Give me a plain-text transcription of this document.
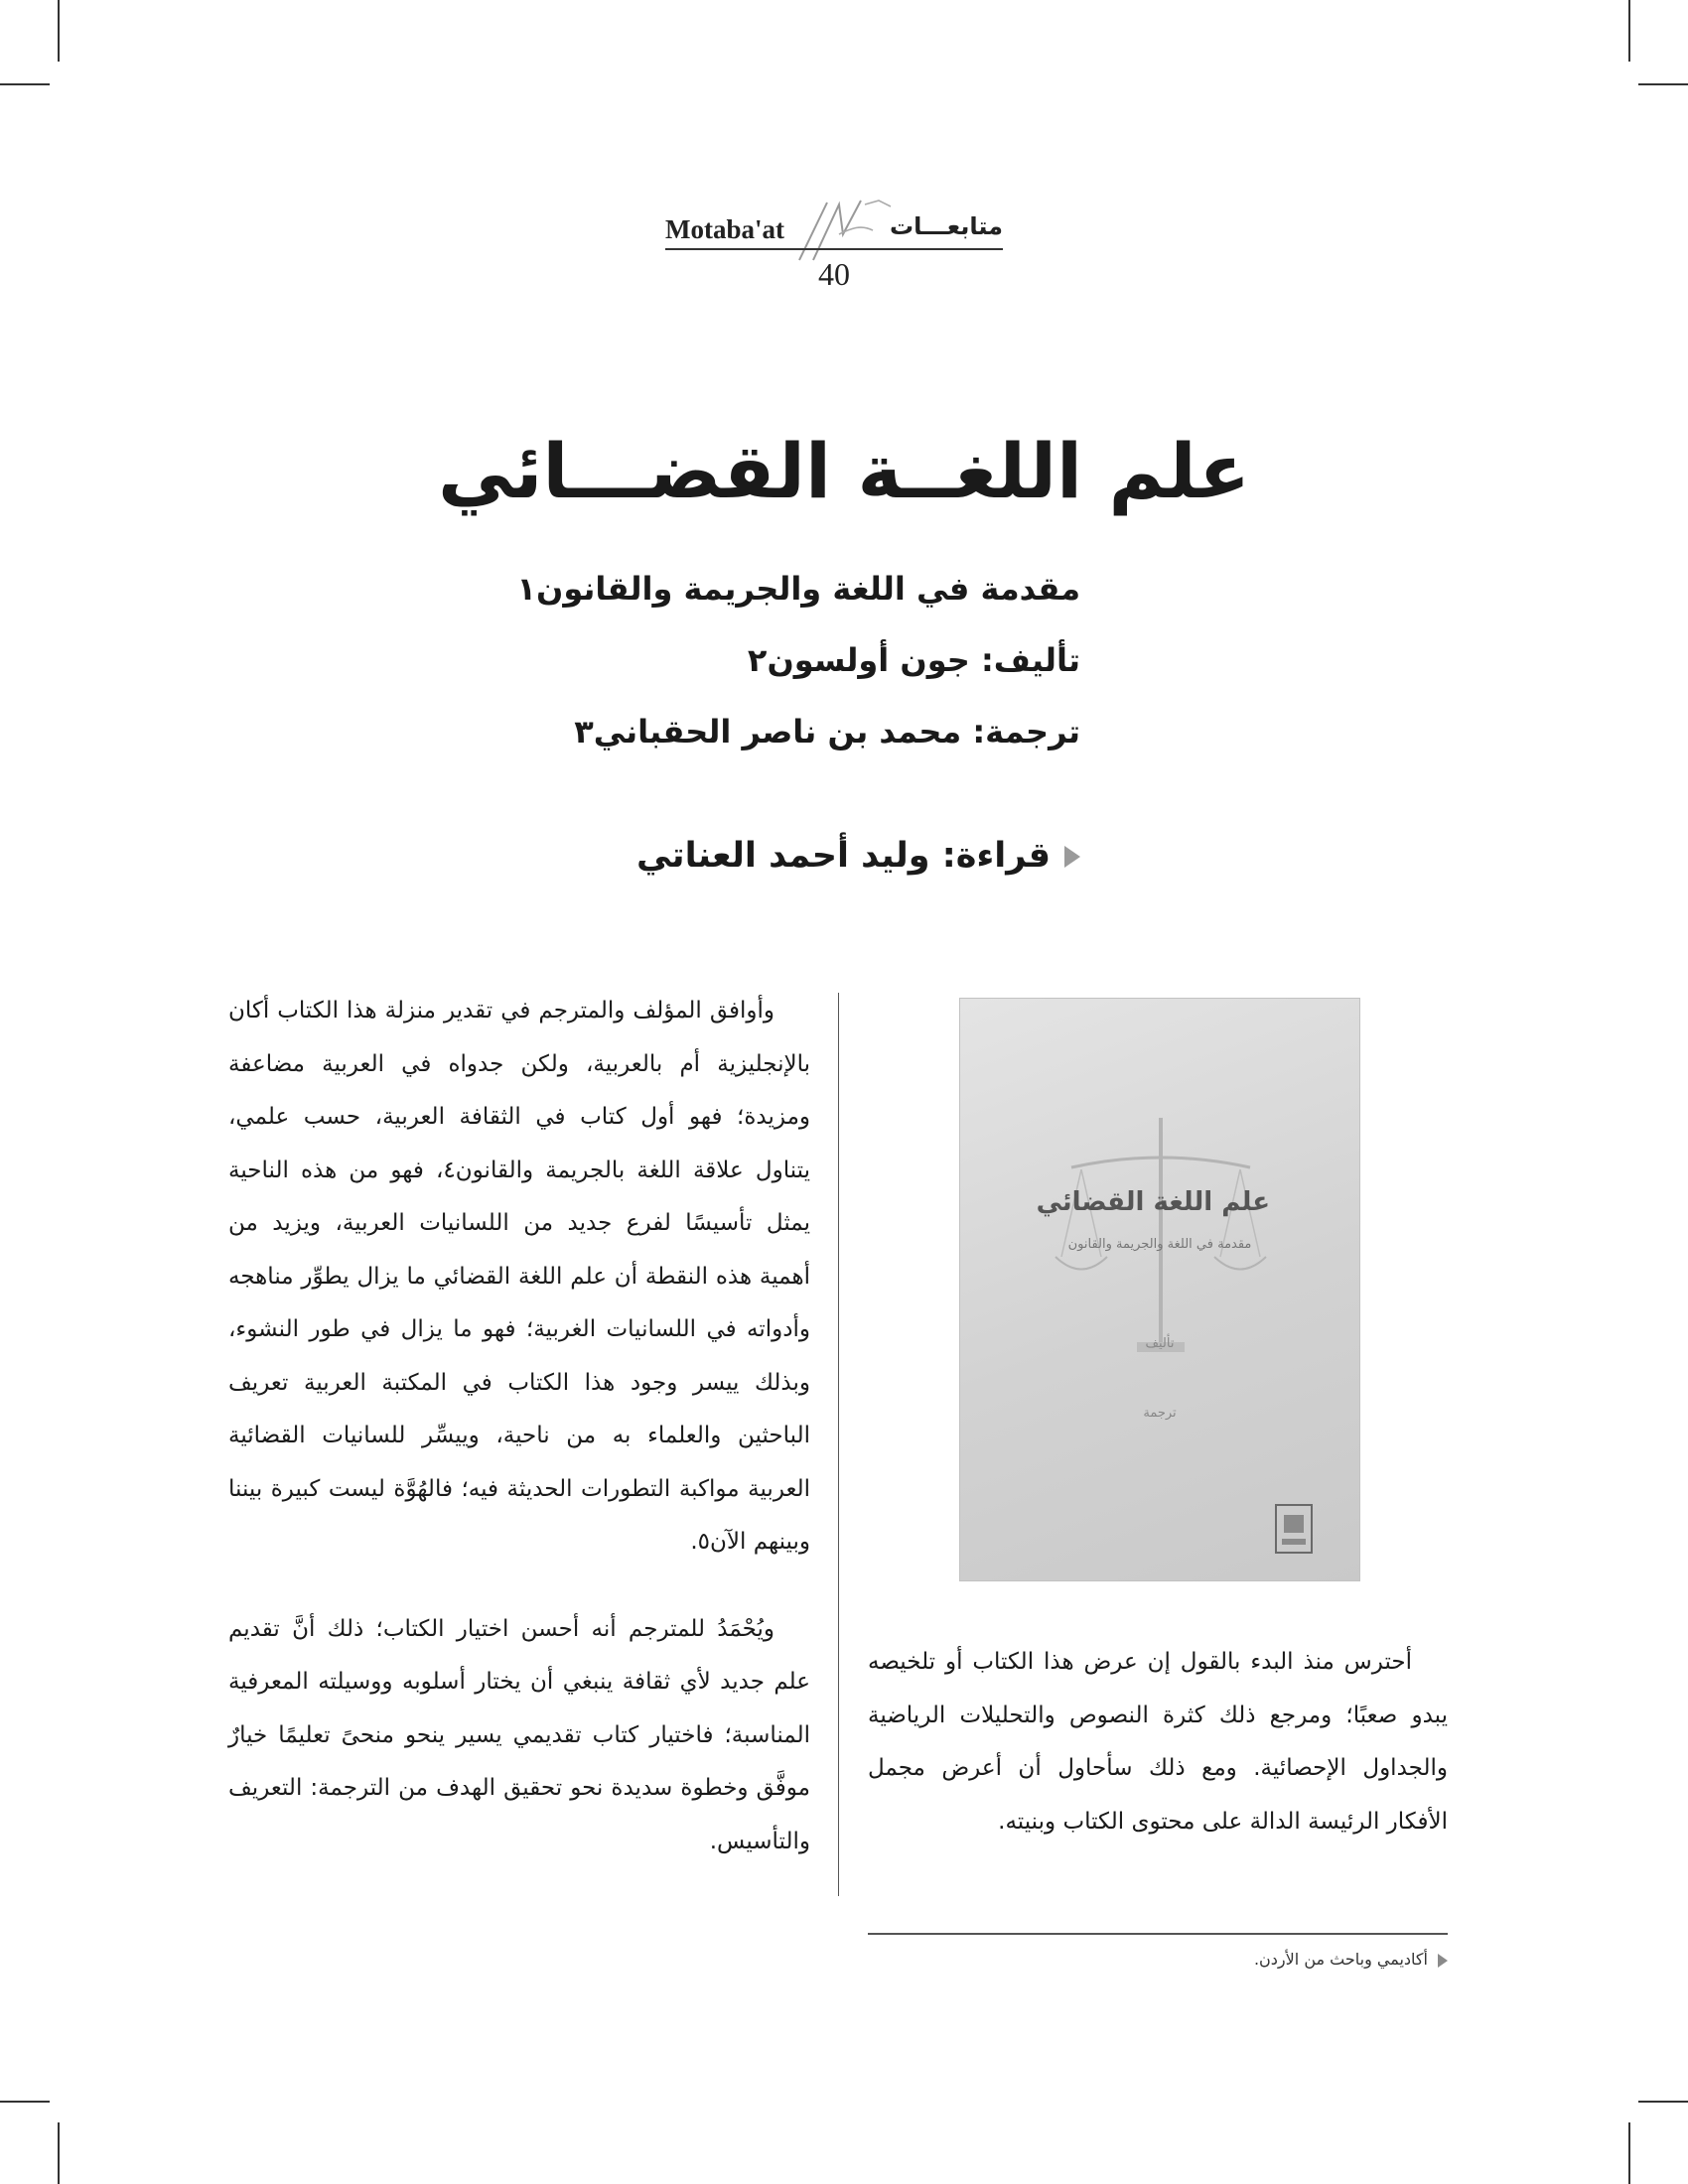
Motaba'at	متابعـــات
40
علم اللغــة القضـــائي
مقدمة في اللغة والجريمة والقانون١
تأليف: جون أولسون٢
ترجمة: محمد بن ناصر الحقباني٣
قراءة: وليد أحمد العناتي

وأوافق المؤلف والمترجم في تقدير منزلة هذا الكتاب أكان بالإنجليزية أم بالعربية، ولكن جدواه في العربية مضاعفة ومزيدة؛ فهو أول كتاب في الثقافة العربية، حسب علمي، يتناول علاقة اللغة بالجريمة والقانون٤، فهو من هذه الناحية يمثل تأسيسًا لفرع جديد من اللسانيات العربية، ويزيد من أهمية هذه النقطة أن علم اللغة القضائي ما يزال يطوِّر مناهجه وأدواته في اللسانيات الغربية؛ فهو ما يزال في طور النشوء، وبذلك ييسر وجود هذا الكتاب في المكتبة العربية تعريف الباحثين والعلماء به من ناحية، وييسِّر للسانيات القضائية العربية مواكبة التطورات الحديثة فيه؛ فالهُوَّة ليست كبيرة بيننا وبينهم الآن٥.

ويُحْمَدُ للمترجم أنه أحسن اختيار الكتاب؛ ذلك أنَّ تقديم علم جديد لأي ثقافة ينبغي أن يختار أسلوبه ووسيلته المعرفية المناسبة؛ فاختيار كتاب تقديمي يسير ينحو منحىً تعليمًا خيارٌ موفَّق وخطوة سديدة نحو تحقيق الهدف من الترجمة: التعريف والتأسيس.

علم اللغة القضائي
مقدمة في اللغة والجريمة والقانون
تأليف
ترجمة

أحترس منذ البدء بالقول إن عرض هذا الكتاب أو تلخيصه يبدو صعبًا؛ ومرجع ذلك كثرة النصوص والتحليلات الرياضية والجداول الإحصائية. ومع ذلك سأحاول أن أعرض مجمل الأفكار الرئيسة الدالة على محتوى الكتاب وبنيته.

أكاديمي وباحث من الأردن.
